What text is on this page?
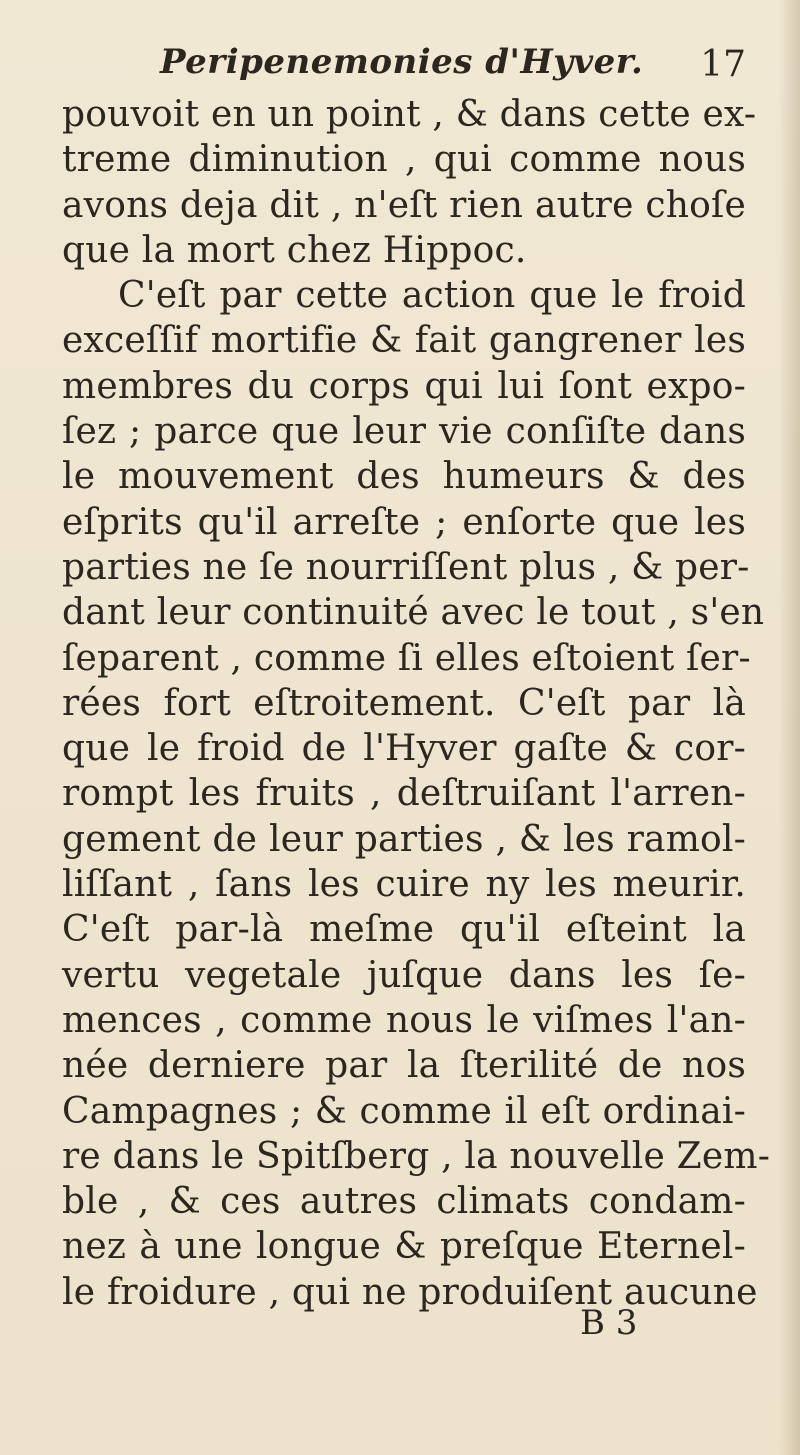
Peripenemonies d'Hyver. 17
pouvoit en un point , & dans cette ex-
treme diminution , qui comme nous
avons deja dit , n'eſt rien autre choſe
que la mort chez Hippoc.
C'eſt par cette action que le froid
exceſſif mortifie & fait gangrener les
membres du corps qui lui ſont expo-
ſez ; parce que leur vie conſiſte dans
le mouvement des humeurs & des
eſprits qu'il arreſte ; enſorte que les
parties ne ſe nourriſſent plus , & per-
dant leur continuité avec le tout , s'en
ſeparent , comme ſi elles eſtoient ſer-
rées fort eſtroitement. C'eſt par là
que le froid de l'Hyver gaſte & cor-
rompt les fruits , deſtruiſant l'arren-
gement de leur parties , & les ramol-
liſſant , ſans les cuire ny les meurir.
C'eſt par-là meſme qu'il eſteint la
vertu vegetale juſque dans les ſe-
mences , comme nous le viſmes l'an-
née derniere par la ſterilité de nos
Campagnes ; & comme il eſt ordinai-
re dans le Spitſberg , la nouvelle Zem-
ble , & ces autres climats condam-
nez à une longue & preſque Eternel-
le froidure , qui ne produiſent aucune
B 3
